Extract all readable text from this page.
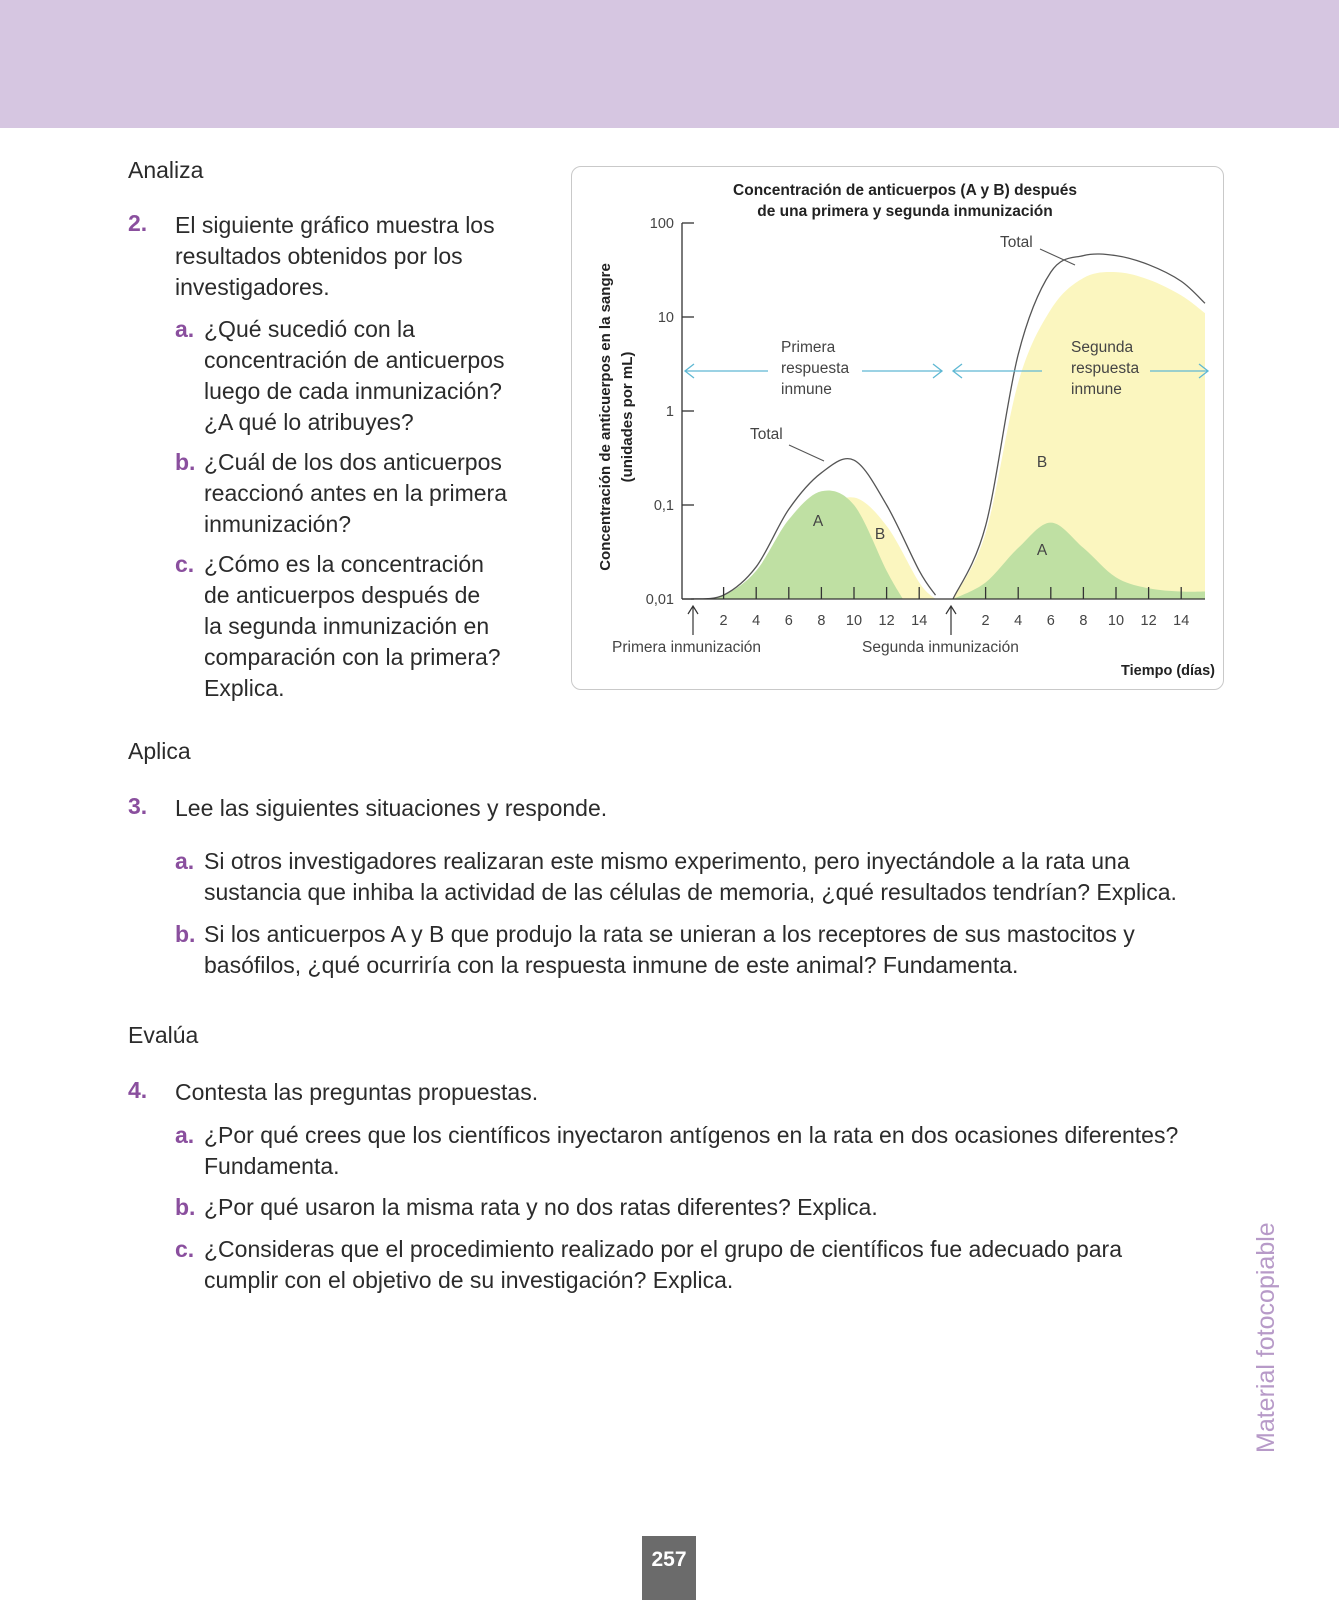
Analiza
2. El siguiente gráfico muestra los
resultados obtenidos por los
investigadores.
a. ¿Qué sucedió con la
concentración de anticuerpos
luego de cada inmunización?
¿A qué lo atribuyes?
b. ¿Cuál de los dos anticuerpos
reaccionó antes en la primera
inmunización?
c. ¿Cómo es la concentración
de anticuerpos después de
la segunda inmunización en
comparación con la primera?
Explica.
100
10
1
0,1
0,01
2 4 6 8 10 12 14	2 4 6 8 10 12 14
Primera inmunización	Segunda inmunización
Tiempo (días)
Concentración de anticuerpos (A y B) después
de una primera y segunda inmunización
Concentración de anticuerpos en la sangre (unidades por mL)
Primera
respuesta
inmune
Segunda
respuesta
inmune
Total
Total
A
B
B
A
Aplica
3. Lee las siguientes situaciones y responde.
a. Si otros investigadores realizaran este mismo experimento, pero inyectándole a la rata una
sustancia que inhiba la actividad de las células de memoria, ¿qué resultados tendrían? Explica.
b. Si los anticuerpos A y B que produjo la rata se unieran a los receptores de sus mastocitos y
basófilos, ¿qué ocurriría con la respuesta inmune de este animal? Fundamenta.
Evalúa
4. Contesta las preguntas propuestas.
a. ¿Por qué crees que los científicos inyectaron antígenos en la rata en dos ocasiones diferentes?
Fundamenta.
b. ¿Por qué usaron la misma rata y no dos ratas diferentes? Explica.
c. ¿Consideras que el procedimiento realizado por el grupo de científicos fue adecuado para
cumplir con el objetivo de su investigación? Explica.	Material fotocopiable
257
